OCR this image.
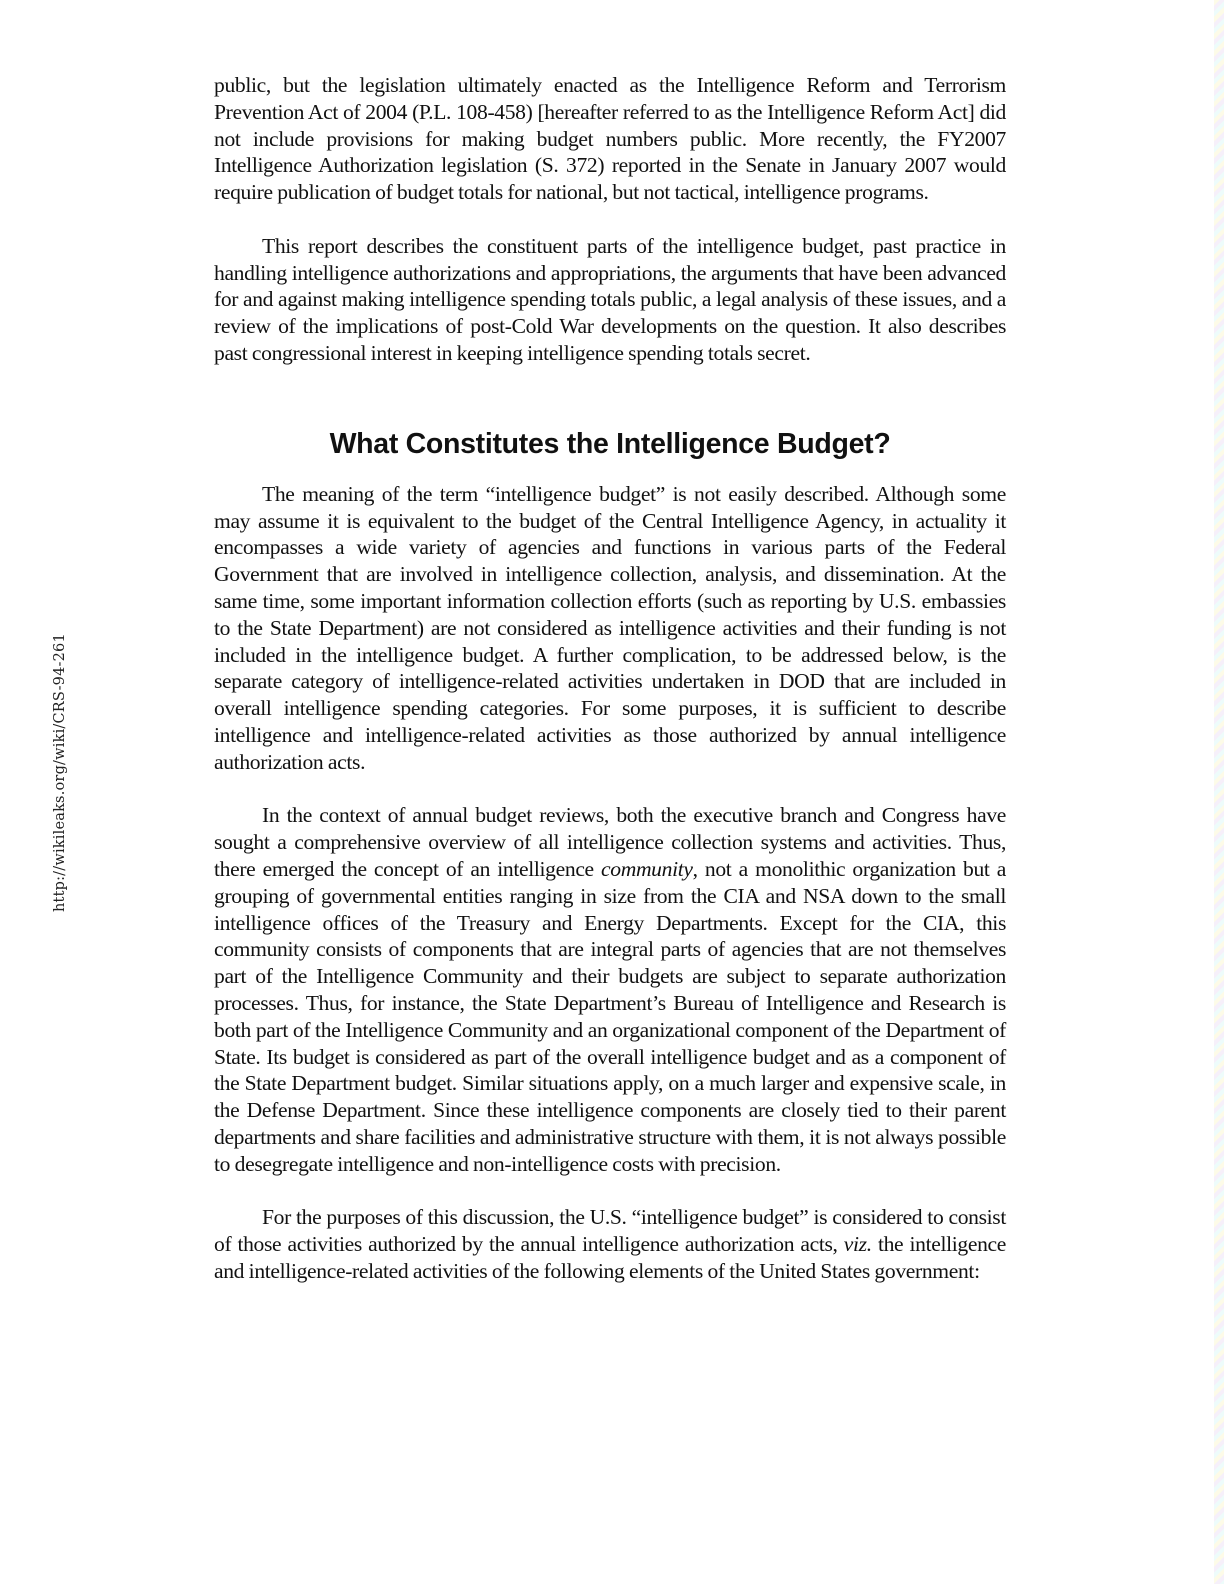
http://wikileaks.org/wiki/CRS-94-261

public, but the legislation ultimately enacted as the Intelligence Reform and Terrorism Prevention Act of 2004 (P.L. 108-458) [hereafter referred to as the Intelligence Reform Act] did not include provisions for making budget numbers public. More recently, the FY2007 Intelligence Authorization legislation (S. 372) reported in the Senate in January 2007 would require publication of budget totals for national, but not tactical, intelligence programs.

This report describes the constituent parts of the intelligence budget, past practice in handling intelligence authorizations and appropriations, the arguments that have been advanced for and against making intelligence spending totals public, a legal analysis of these issues, and a review of the implications of post-Cold War developments on the question. It also describes past congressional interest in keeping intelligence spending totals secret.

What Constitutes the Intelligence Budget?

The meaning of the term “intelligence budget” is not easily described. Although some may assume it is equivalent to the budget of the Central Intelligence Agency, in actuality it encompasses a wide variety of agencies and functions in various parts of the Federal Government that are involved in intelligence collection, analysis, and dissemination. At the same time, some important information collection efforts (such as reporting by U.S. embassies to the State Department) are not considered as intelligence activities and their funding is not included in the intelligence budget. A further complication, to be addressed below, is the separate category of intelligence-related activities undertaken in DOD that are included in overall intelligence spending categories. For some purposes, it is sufficient to describe intelligence and intelligence-related activities as those authorized by annual intelligence authorization acts.

In the context of annual budget reviews, both the executive branch and Congress have sought a comprehensive overview of all intelligence collection systems and activities. Thus, there emerged the concept of an intelligence community, not a monolithic organization but a grouping of governmental entities ranging in size from the CIA and NSA down to the small intelligence offices of the Treasury and Energy Departments. Except for the CIA, this community consists of components that are integral parts of agencies that are not themselves part of the Intelligence Community and their budgets are subject to separate authorization processes. Thus, for instance, the State Department’s Bureau of Intelligence and Research is both part of the Intelligence Community and an organizational component of the Department of State. Its budget is considered as part of the overall intelligence budget and as a component of the State Department budget. Similar situations apply, on a much larger and expensive scale, in the Defense Department. Since these intelligence components are closely tied to their parent departments and share facilities and administrative structure with them, it is not always possible to desegregate intelligence and non-intelligence costs with precision.

For the purposes of this discussion, the U.S. “intelligence budget” is considered to consist of those activities authorized by the annual intelligence authorization acts, viz. the intelligence and intelligence-related activities of the following elements of the United States government:
